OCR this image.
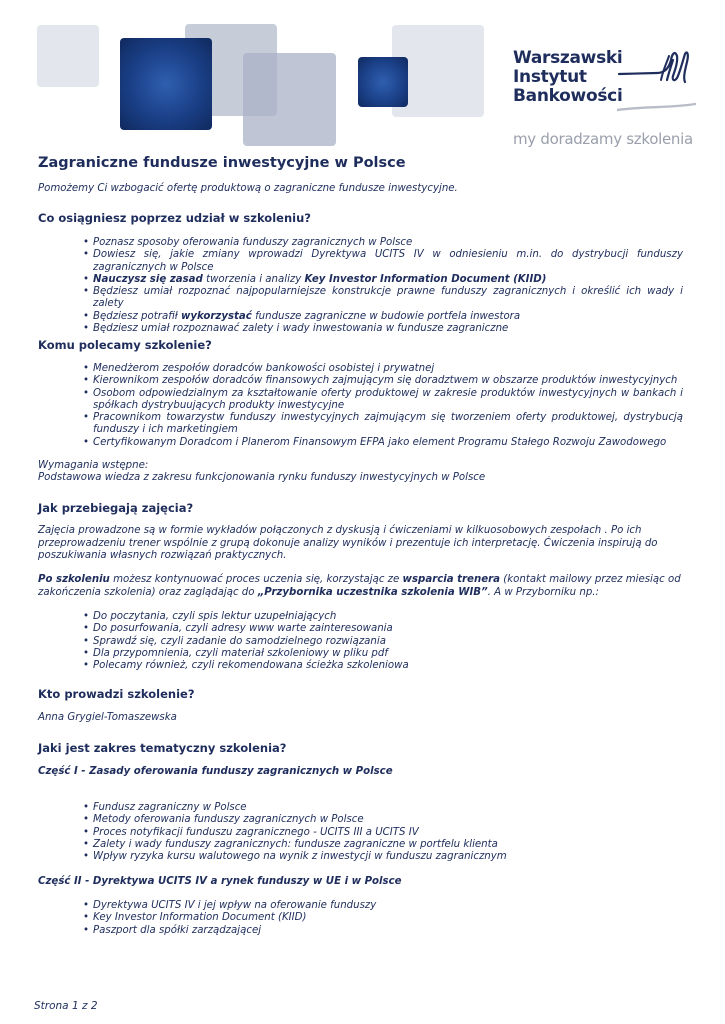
Warszawski
Instytut
Bankowości
my doradzamy szkolenia
Zagraniczne fundusze inwestycyjne w Polsce

Pomożemy Ci wzbogacić ofertę produktową o zagraniczne fundusze inwestycyjne.

Co osiągniesz poprzez udział w szkoleniu?
• Poznasz sposoby oferowania funduszy zagranicznych w Polsce
• Dowiesz się, jakie zmiany wprowadzi Dyrektywa UCITS IV w odniesieniu m.in. do dystrybucji funduszy zagranicznych w Polsce
• Nauczysz się zasad tworzenia i analizy Key Investor Information Document (KIID)
• Będziesz umiał rozpoznać najpopularniejsze konstrukcje prawne funduszy zagranicznych i określić ich wady i zalety
• Będziesz potrafił wykorzystać fundusze zagraniczne w budowie portfela inwestora
• Będziesz umiał rozpoznawać zalety i wady inwestowania w fundusze zagraniczne
Komu polecamy szkolenie?
• Menedżerom zespołów doradców bankowości osobistej i prywatnej
• Kierownikom zespołów doradców finansowych zajmującym się doradztwem w obszarze produktów inwestycyjnych
• Osobom odpowiedzialnym za kształtowanie oferty produktowej w zakresie produktów inwestycyjnych w bankach i spółkach dystrybuujących produkty inwestycyjne
• Pracownikom towarzystw funduszy inwestycyjnych zajmującym się tworzeniem oferty produktowej, dystrybucją funduszy i ich marketingiem
• Certyfikowanym Doradcom i Planerom Finansowym EFPA jako element Programu Stałego Rozwoju Zawodowego

Wymagania wstępne:

Podstawowa wiedza z zakresu funkcjonowania rynku funduszy inwestycyjnych w Polsce

Jak przebiegają zajęcia?

Zajęcia prowadzone są w formie wykładów połączonych z dyskusją i ćwiczeniami w kilkuosobowych zespołach . Po ich przeprowadzeniu trener wspólnie z grupą dokonuje analizy wyników i prezentuje ich interpretację. Ćwiczenia inspirują do poszukiwania własnych rozwiązań praktycznych.

Po szkoleniu możesz kontynuować proces uczenia się, korzystając ze wsparcia trenera (kontakt mailowy przez miesiąc od zakończenia szkolenia) oraz zaglądając do „Przybornika uczestnika szkolenia WIB”. A w Przyborniku np.:

• Do poczytania, czyli spis lektur uzupełniających
• Do posurfowania, czyli adresy www warte zainteresowania
• Sprawdź się, czyli zadanie do samodzielnego rozwiązania
• Dla przypomnienia, czyli materiał szkoleniowy w pliku pdf
• Polecamy również, czyli rekomendowana ścieżka szkoleniowa
Kto prowadzi szkolenie?

Anna Grygiel-Tomaszewska

Jaki jest zakres tematyczny szkolenia?

Część I - Zasady oferowania funduszy zagranicznych w Polsce

• Fundusz zagraniczny w Polsce
• Metody oferowania funduszy zagranicznych w Polsce
• Proces notyfikacji funduszu zagranicznego - UCITS III a UCITS IV
• Zalety i wady funduszy zagranicznych: fundusze zagraniczne w portfelu klienta
• Wpływ ryzyka kursu walutowego na wynik z inwestycji w funduszu zagranicznym

Część II - Dyrektywa UCITS IV a rynek funduszy w UE i w Polsce

• Dyrektywa UCITS IV i jej wpływ na oferowanie funduszy
• Key Investor Information Document (KIID)
• Paszport dla spółki zarządzającej
Strona 1 z 2
